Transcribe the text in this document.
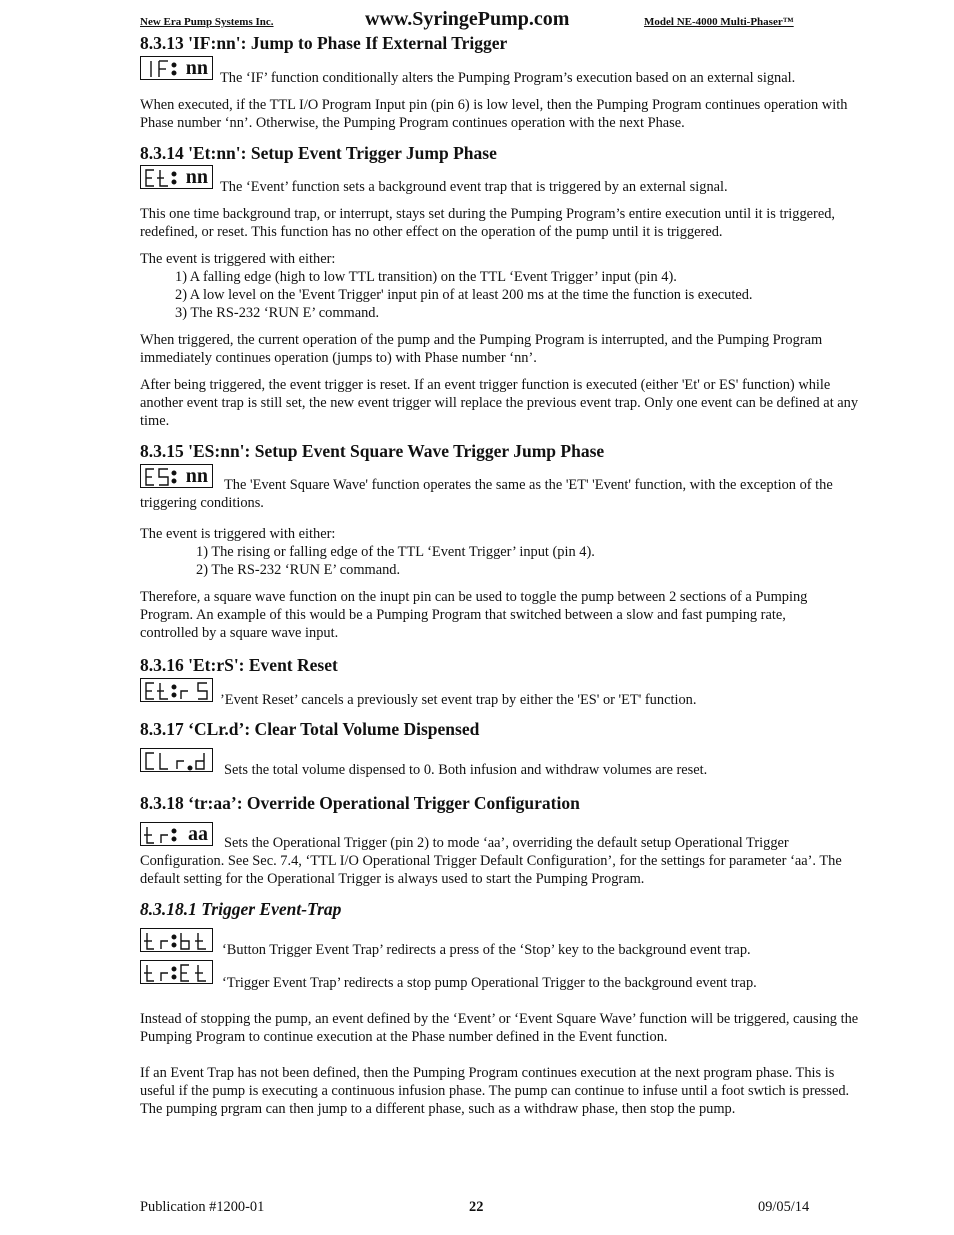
New Era Pump Systems Inc.	www.SyringePump.com	Model NE-4000 Multi-Phaser™
8.3.13 'IF:nn': Jump to Phase If External Trigger
nn The ‘IF’ function conditionally alters the Pumping Program’s execution based on an external signal.

When executed, if the TTL I/O Program Input pin (pin 6) is low level, then the Pumping Program continues operation with Phase number ‘nn’. Otherwise, the Pumping Program continues operation with the next Phase.

8.3.14 'Et:nn': Setup Event Trigger Jump Phase
nn The ‘Event’ function sets a background event trap that is triggered by an external signal.

This one time background trap, or interrupt, stays set during the Pumping Program’s entire execution until it is triggered, redefined, or reset. This function has no other effect on the operation of the pump until it is triggered.

The event is triggered with either:

1) A falling edge (high to low TTL transition) on the TTL ‘Event Trigger’ input (pin 4).

2) A low level on the 'Event Trigger' input pin of at least 200 ms at the time the function is executed.

3) The RS-232 ‘RUN E’ command.

When triggered, the current operation of the pump and the Pumping Program is interrupted, and the Pumping Program immediately continues operation (jumps to) with Phase number ‘nn’.

After being triggered, the event trigger is reset. If an event trigger function is executed (either 'Et' or ES' function) while another event trap is still set, the new event trigger will replace the previous event trap. Only one event can be defined at any time.

8.3.15 'ES:nn': Setup Event Square Wave Trigger Jump Phase
nn	The 'Event Square Wave' function operates the same as the 'ET' 'Event' function, with the exception of the triggering conditions.

The event is triggered with either:

1) The rising or falling edge of the TTL ‘Event Trigger’ input (pin 4).

2) The RS-232 ‘RUN E’ command.

Therefore, a square wave function on the inupt pin can be used to toggle the pump between 2 sections of a Pumping Program. An example of this would be a Pumping Program that switched between a slow and fast pumping rate, controlled by a square wave input.

8.3.16 'Et:rS': Event Reset
’Event Reset’ cancels a previously set event trap by either the 'ES' or 'ET' function.
8.3.17 ‘CLr.d’: Clear Total Volume Dispensed
Sets the total volume dispensed to 0. Both infusion and withdraw volumes are reset.
8.3.18 ‘tr:aa’: Override Operational Trigger Configuration
aa	Sets the Operational Trigger (pin 2) to mode ‘aa’, overriding the default setup Operational Trigger Configuration. See Sec. 7.4, ‘TTL I/O Operational Trigger Default Configuration’, for the settings for parameter ‘aa’. The default setting for the Operational Trigger is always used to start the Pumping Program.

8.3.18.1 Trigger Event-Trap
‘Button Trigger Event Trap’ redirects a press of the ‘Stop’ key to the background event trap.
‘Trigger Event Trap’ redirects a stop pump Operational Trigger to the background event trap.

Instead of stopping the pump, an event defined by the ‘Event’ or ‘Event Square Wave’ function will be triggered, causing the Pumping Program to continue execution at the Phase number defined in the Event function.

If an Event Trap has not been defined, then the Pumping Program continues execution at the next program phase. This is useful if the pump is executing a continuous infusion phase. The pump can continue to infuse until a foot swtich is pressed. The pumping prgram can then jump to a different phase, such as a withdraw phase, then stop the pump.

Publication #1200-01	22	09/05/14
